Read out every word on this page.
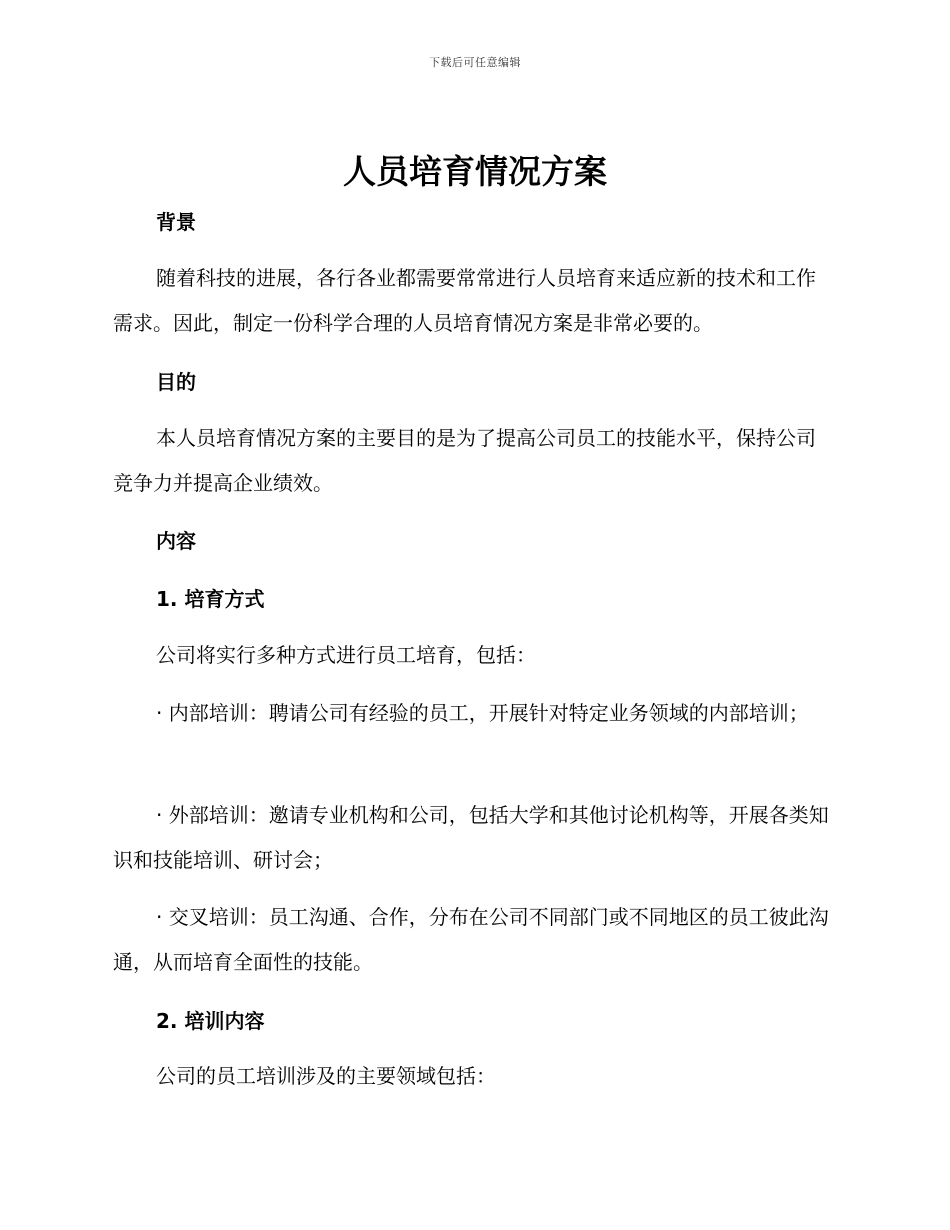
下载后可任意编辑
人员培育情况方案
背景

随着科技的进展，各行各业都需要常常进行人员培育来适应新的技术和工作需求。因此，制定一份科学合理的人员培育情况方案是非常必要的。

目的

本人员培育情况方案的主要目的是为了提高公司员工的技能水平，保持公司竞争力并提高企业绩效。

内容
1. 培育方式

公司将实行多种方式进行员工培育，包括：

· 内部培训：聘请公司有经验的员工，开展针对特定业务领域的内部培训；

· 外部培训：邀请专业机构和公司，包括大学和其他讨论机构等，开展各类知识和技能培训、研讨会；

· 交叉培训：员工沟通、合作，分布在公司不同部门或不同地区的员工彼此沟通，从而培育全面性的技能。

2. 培训内容

公司的员工培训涉及的主要领域包括：
